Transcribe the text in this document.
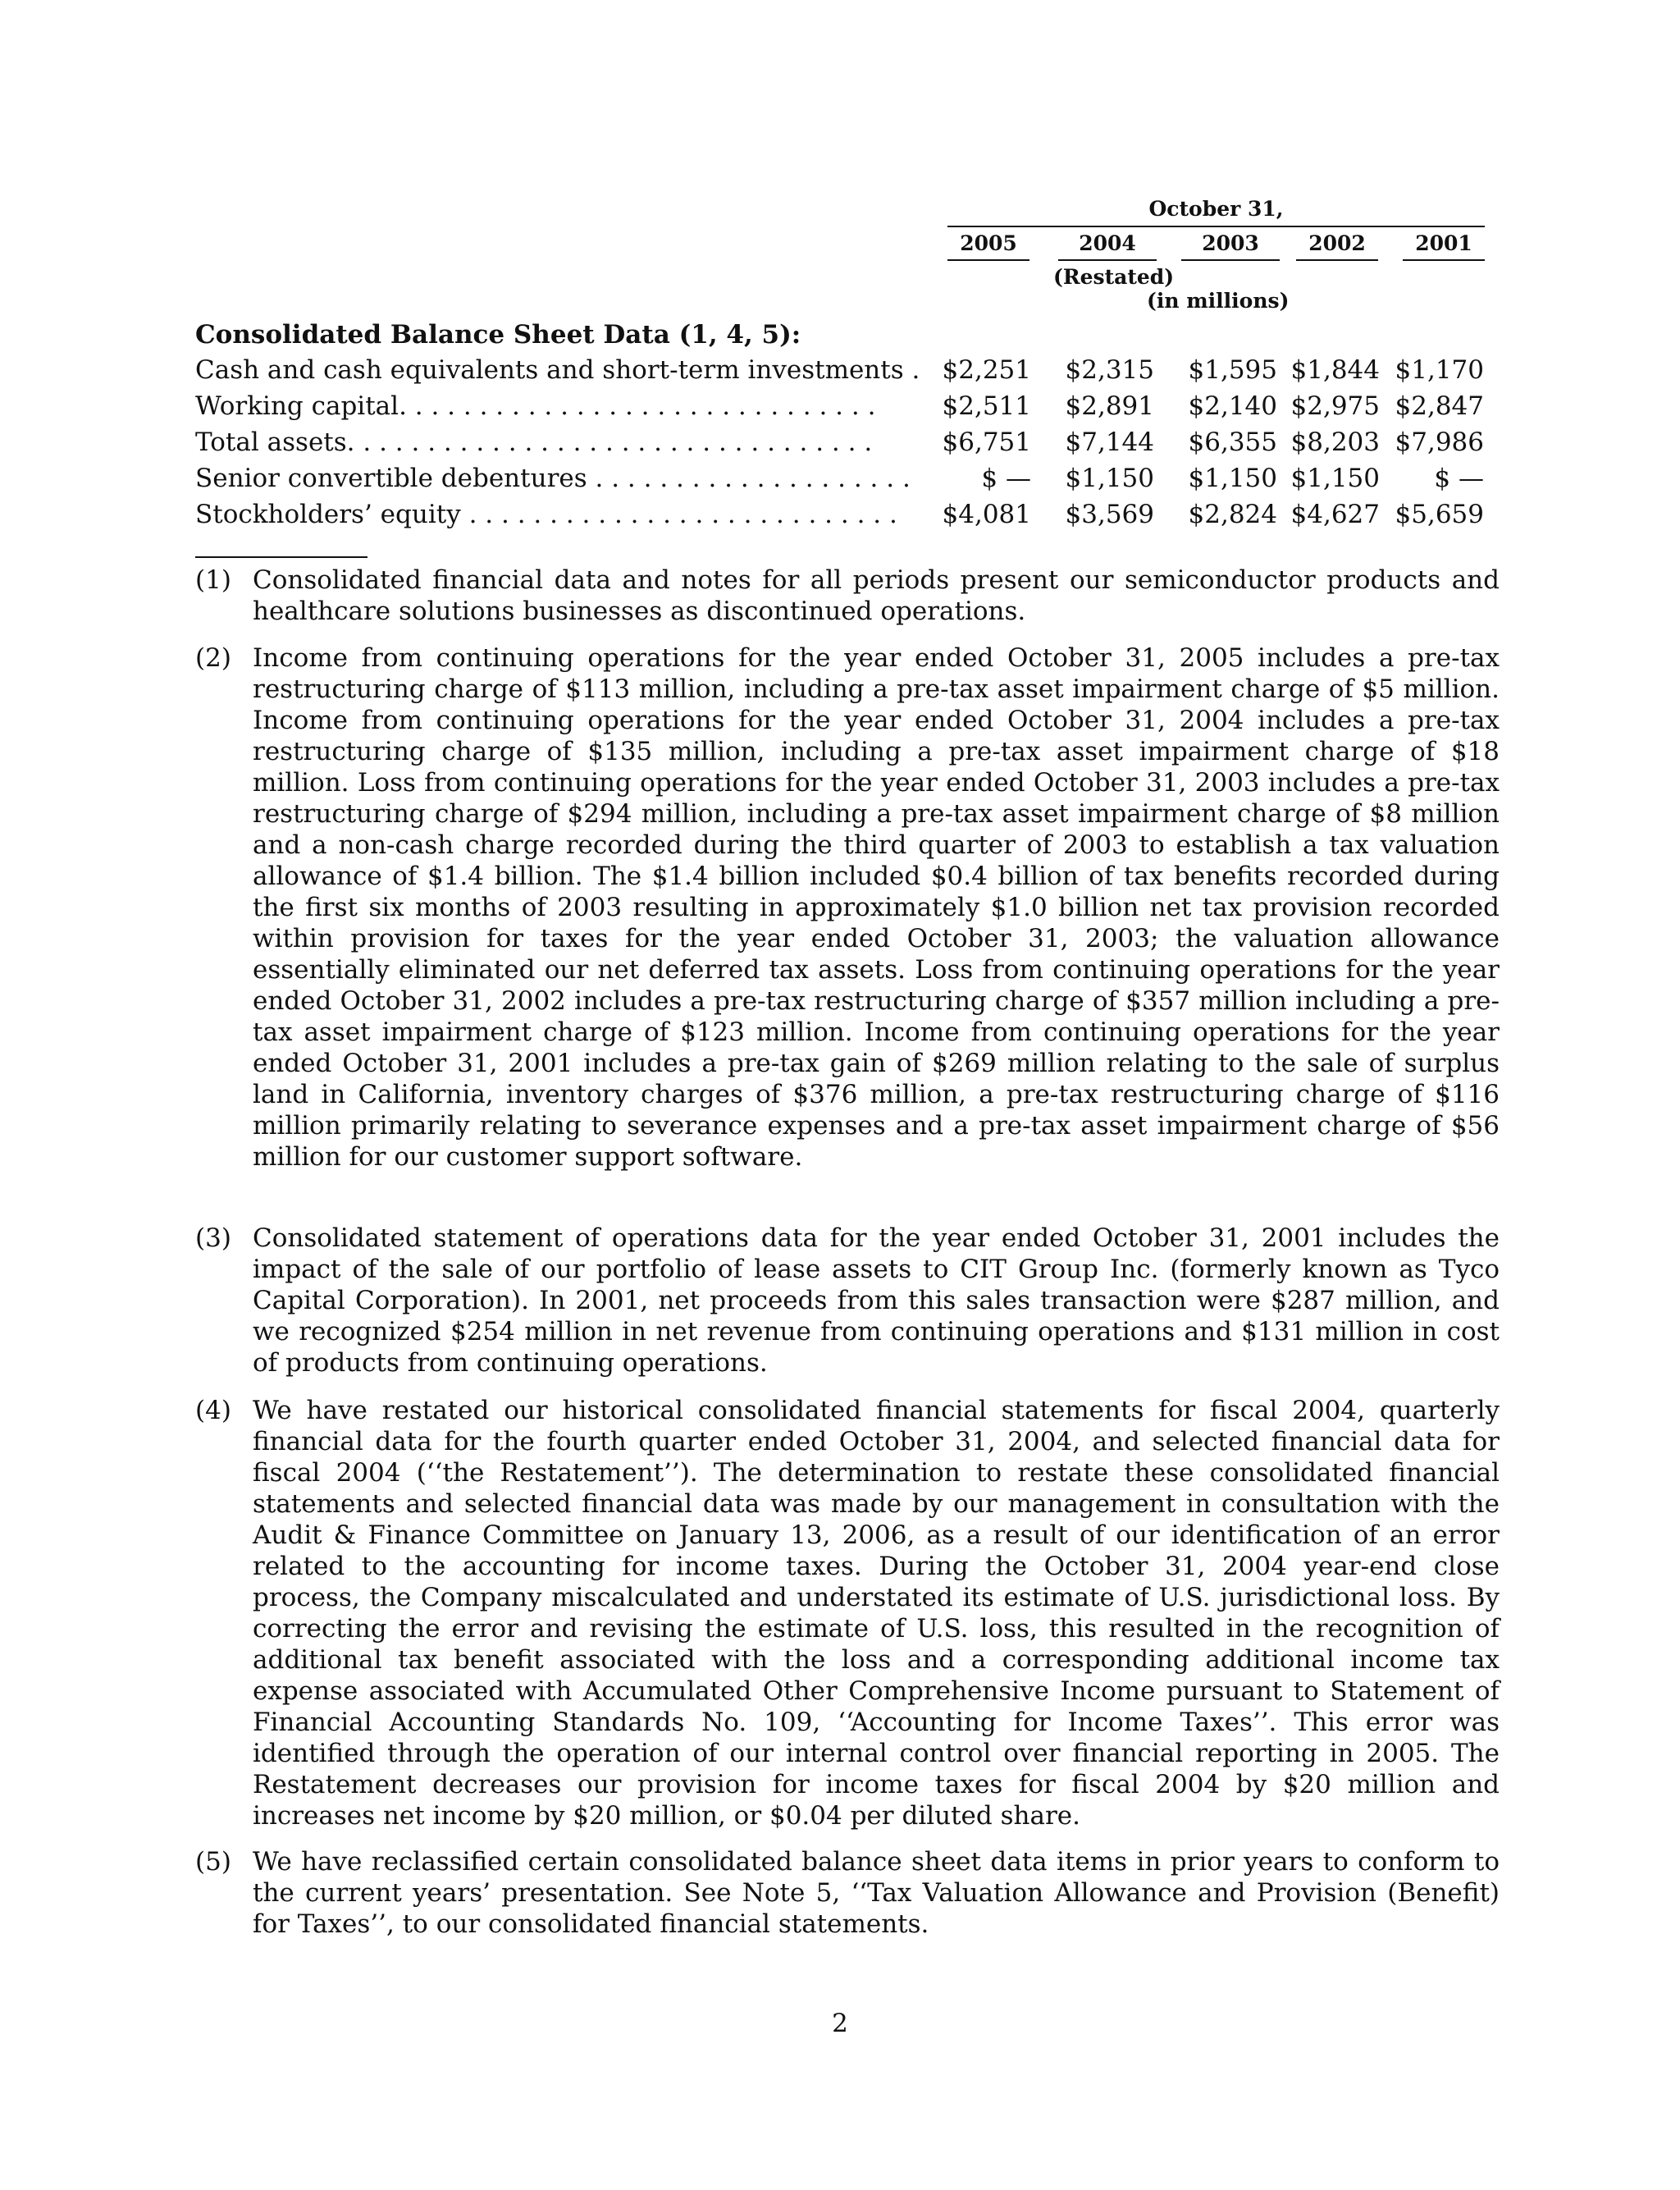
October 31,
2005	2004	2003	2002	2001
(Restated)
(in millions)
Consolidated Balance Sheet Data (1, 4, 5):
Cash and cash equivalents and short-term investments . $2,251 $2,315 $1,595 $1,844 $1,170
Working capital. . . . . . . . . . . . . . . . . . . . . . . . . . . . . .	$2,511 $2,891 $2,140 $2,975 $2,847
Total assets. . . . . . . . . . . . . . . . . . . . . . . . . . . . . . . . .	$6,751 $7,144 $6,355 $8,203 $7,986
Senior convertible debentures . . . . . . . . . . . . . . . . . . . .	$ — $1,150 $1,150 $1,150	$ —
Stockholders’ equity . . . . . . . . . . . . . . . . . . . . . . . . . . .	$4,081 $3,569 $2,824 $4,627 $5,659
(1) Consolidated financial data and notes for all periods present our semiconductor products and healthcare solutions businesses as discontinued operations.
(2) Income from continuing operations for the year ended October 31, 2005 includes a pre-tax restructuring charge of $113 million, including a pre-tax asset impairment charge of $5 million. Income from continuing operations for the year ended October 31, 2004 includes a pre-tax restructuring charge of $135 million, including a pre-tax asset impairment charge of $18 million. Loss from continuing operations for the year ended October 31, 2003 includes a pre-tax restructuring charge of $294 million, including a pre-tax asset impairment charge of $8 million and a non-cash charge recorded during the third quarter of 2003 to establish a tax valuation allowance of $1.4 billion. The $1.4 billion included $0.4 billion of tax benefits recorded during the first six months of 2003 resulting in approximately $1.0 billion net tax provision recorded within provision for taxes for the year ended October 31, 2003; the valuation allowance essentially eliminated our net deferred tax assets. Loss from continuing operations for the year ended October 31, 2002 includes a pre-tax restructuring charge of $357 million including a pre-tax asset impairment charge of $123 million. Income from continuing operations for the year ended October 31, 2001 includes a pre-tax gain of $269 million relating to the sale of surplus land in California, inventory charges of $376 million, a pre-tax restructuring charge of $116 million primarily relating to severance expenses and a pre-tax asset impairment charge of $56 million for our customer support software.
(3) Consolidated statement of operations data for the year ended October 31, 2001 includes the impact of the sale of our portfolio of lease assets to CIT Group Inc. (formerly known as Tyco Capital Corporation). In 2001, net proceeds from this sales transaction were $287 million, and we recognized $254 million in net revenue from continuing operations and $131 million in cost of products from continuing operations.
(4) We have restated our historical consolidated financial statements for fiscal 2004, quarterly financial data for the fourth quarter ended October 31, 2004, and selected financial data for fiscal 2004 (‘‘the Restatement’’). The determination to restate these consolidated financial statements and selected financial data was made by our management in consultation with the Audit & Finance Committee on January 13, 2006, as a result of our identification of an error related to the accounting for income taxes. During the October 31, 2004 year-end close process, the Company miscalculated and understated its estimate of U.S. jurisdictional loss. By correcting the error and revising the estimate of U.S. loss, this resulted in the recognition of additional tax benefit associated with the loss and a corresponding additional income tax expense associated with Accumulated Other Comprehensive Income pursuant to Statement of Financial Accounting Standards No. 109, ‘‘Accounting for Income Taxes’’. This error was identified through the operation of our internal control over financial reporting in 2005. The Restatement decreases our provision for income taxes for fiscal 2004 by $20 million and increases net income by $20 million, or $0.04 per diluted share.
(5) We have reclassified certain consolidated balance sheet data items in prior years to conform to the current years’ presentation. See Note 5, ‘‘Tax Valuation Allowance and Provision (Benefit) for Taxes’’, to our consolidated financial statements.
2
